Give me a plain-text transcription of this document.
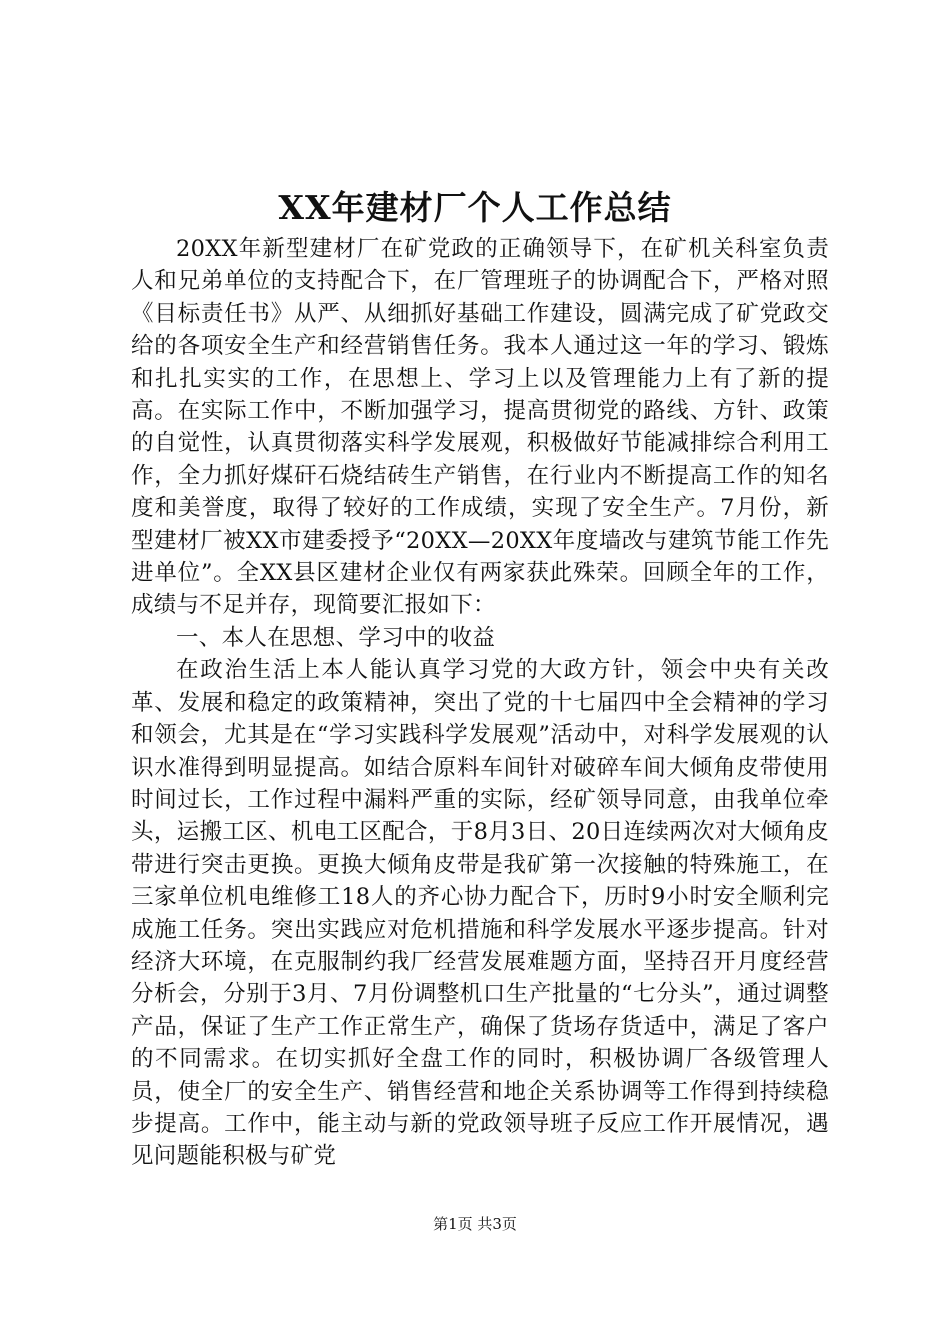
XX年建材厂个人工作总结

20XX年新型建材厂在矿党政的正确领导下，在矿机关科室负责人和兄弟单位的支持配合下，在厂管理班子的协调配合下，严格对照《目标责任书》从严、从细抓好基础工作建设，圆满完成了矿党政交给的各项安全生产和经营销售任务。我本人通过这一年的学习、锻炼和扎扎实实的工作，在思想上、学习上以及管理能力上有了新的提高。在实际工作中，不断加强学习，提高贯彻党的路线、方针、政策的自觉性，认真贯彻落实科学发展观，积极做好节能减排综合利用工作，全力抓好煤矸石烧结砖生产销售，在行业内不断提高工作的知名度和美誉度，取得了较好的工作成绩，实现了安全生产。7月份，新型建材厂被XX市建委授予“20XX—20XX年度墙改与建筑节能工作先进单位”。全XX县区建材企业仅有两家获此殊荣。回顾全年的工作，成绩与不足并存，现简要汇报如下：

一、本人在思想、学习中的收益

在政治生活上本人能认真学习党的大政方针，领会中央有关改革、发展和稳定的政策精神，突出了党的十七届四中全会精神的学习和领会，尤其是在“学习实践科学发展观”活动中，对科学发展观的认识水准得到明显提高。如结合原料车间针对破碎车间大倾角皮带使用时间过长，工作过程中漏料严重的实际，经矿领导同意，由我单位牵头，运搬工区、机电工区配合，于8月3日、20日连续两次对大倾角皮带进行突击更换。更换大倾角皮带是我矿第一次接触的特殊施工，在三家单位机电维修工18人的齐心协力配合下，历时9小时安全顺利完成施工任务。突出实践应对危机措施和科学发展水平逐步提高。针对经济大环境，在克服制约我厂经营发展难题方面，坚持召开月度经营分析会，分别于3月、7月份调整机口生产批量的“七分头”，通过调整产品，保证了生产工作正常生产，确保了货场存货适中，满足了客户的不同需求。在切实抓好全盘工作的同时，积极协调厂各级管理人员，使全厂的安全生产、销售经营和地企关系协调等工作得到持续稳步提高。工作中，能主动与新的党政领导班子反应工作开展情况，遇见问题能积极与矿党

第1页 共3页
